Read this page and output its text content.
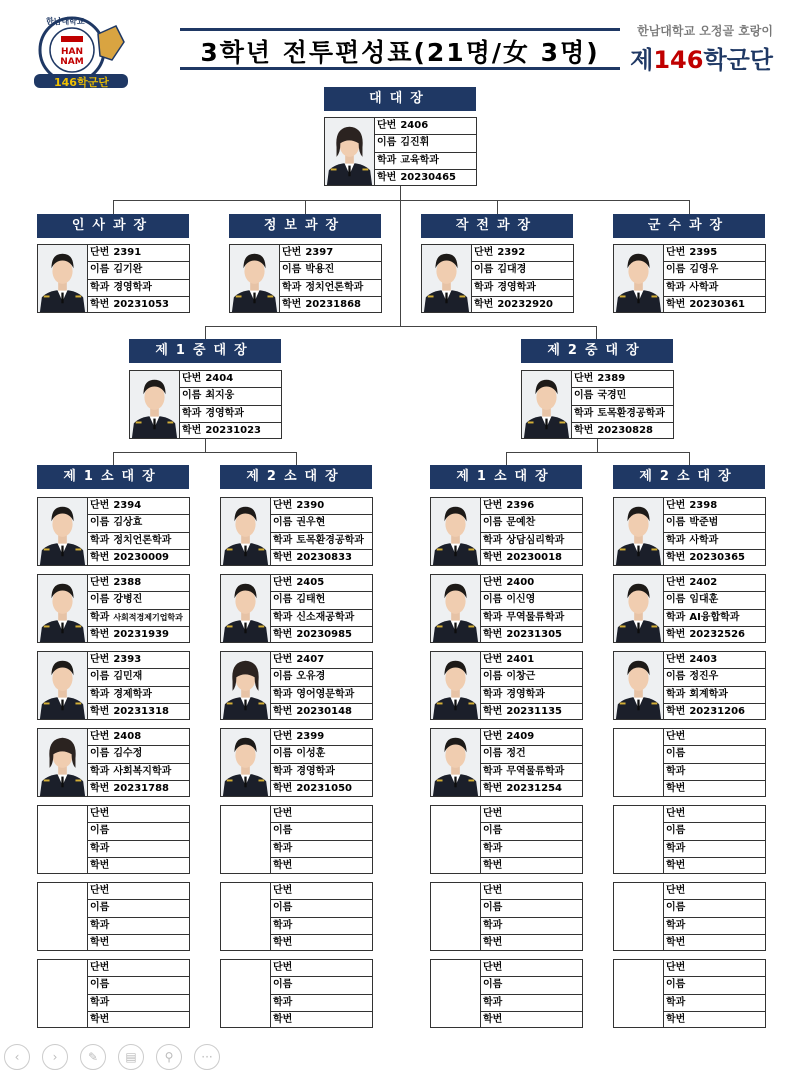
HAN
NAM
한남대학교
146학군단
3학년 전투편성표(21명/女 3명)
한남대학교 오정골 호랑이
제146학군단
대대장
단번 2406
이름 김진휘
학과 교육학과
학번 20230465
인사과장
단번 2391
이름 김기완
학과 경영학과
학번 20231053
정보과장
단번 2397
이름 박용진
학과 정치언론학과
학번 20231868
작전과장
단번 2392
이름 김대경
학과 경영학과
학번 20232920
군수과장
단번 2395
이름 김영우
학과 사학과
학번 20230361
제1중대장
단번 2404
이름 최지웅
학과 경영학과
학번 20231023
제2중대장
단번 2389
이름 국경민
학과 토목환경공학과
학번 20230828
제1소대장
단번 2394
이름 김상효
학과 정치언론학과
학번 20230009
단번 2388
이름 강병진
학과 사회적경제기업학과
학번 20231939
단번 2393
이름 김민재
학과 경제학과
학번 20231318
단번 2408
이름 김수정
학과 사회복지학과
학번 20231788
단번
이름
학과
학번
단번
이름
학과
학번
단번
이름
학과
학번
제2소대장
단번 2390
이름 권우현
학과 토목환경공학과
학번 20230833
단번 2405
이름 김태헌
학과 신소재공학과
학번 20230985
단번 2407
이름 오유경
학과 영어영문학과
학번 20230148
단번 2399
이름 이성훈
학과 경영학과
학번 20231050
단번
이름
학과
학번
단번
이름
학과
학번
단번
이름
학과
학번
제1소대장
단번 2396
이름 문예찬
학과 상담심리학과
학번 20230018
단번 2400
이름 이신영
학과 무역물류학과
학번 20231305
단번 2401
이름 이창근
학과 경영학과
학번 20231135
단번 2409
이름 정건
학과 무역물류학과
학번 20231254
단번
이름
학과
학번
단번
이름
학과
학번
단번
이름
학과
학번
제2소대장
단번 2398
이름 박준범
학과 사학과
학번 20230365
단번 2402
이름 임대훈
학과 AI융합학과
학번 20232526
단번 2403
이름 정진우
학과 회계학과
학번 20231206
단번
이름
학과
학번
단번
이름
학과
학번
단번
이름
학과
학번
단번
이름
학과
학번
‹	›	✎	▤	⚲	···
